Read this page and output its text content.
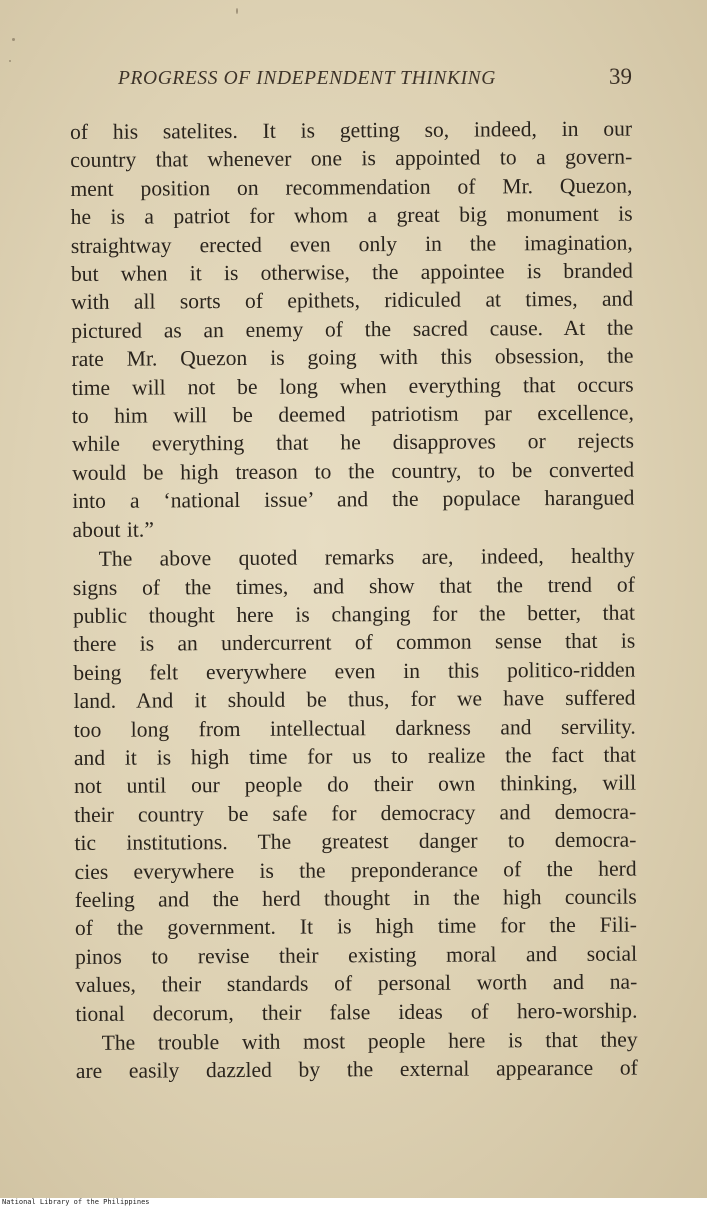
PROGRESS OF INDEPENDENT THINKING	39
of his satelites. It is getting so, indeed, in our
country that whenever one is appointed to a govern-
ment position on recommendation of Mr. Quezon,
he is a patriot for whom a great big monument is
straightway erected even only in the imagination,
but when it is otherwise, the appointee is branded
with all sorts of epithets, ridiculed at times, and
pictured as an enemy of the sacred cause. At the
rate Mr. Quezon is going with this obsession, the
time will not be long when everything that occurs
to him will be deemed patriotism par excellence,
while everything that he disapproves or rejects
would be high treason to the country, to be converted
into a ‘national issue’ and the populace harangued
about it.”
The above quoted remarks are, indeed, healthy
signs of the times, and show that the trend of
public thought here is changing for the better, that
there is an undercurrent of common sense that is
being felt everywhere even in this politico-ridden
land. And it should be thus, for we have suffered
too long from intellectual darkness and servility.
and it is high time for us to realize the fact that
not until our people do their own thinking, will
their country be safe for democracy and democra-
tic institutions. The greatest danger to democra-
cies everywhere is the preponderance of the herd
feeling and the herd thought in the high councils
of the government. It is high time for the Fili-
pinos to revise their existing moral and social
values, their standards of personal worth and na-
tional decorum, their false ideas of hero-worship.
The trouble with most people here is that they
are easily dazzled by the external appearance of
National Library of the Philippines
